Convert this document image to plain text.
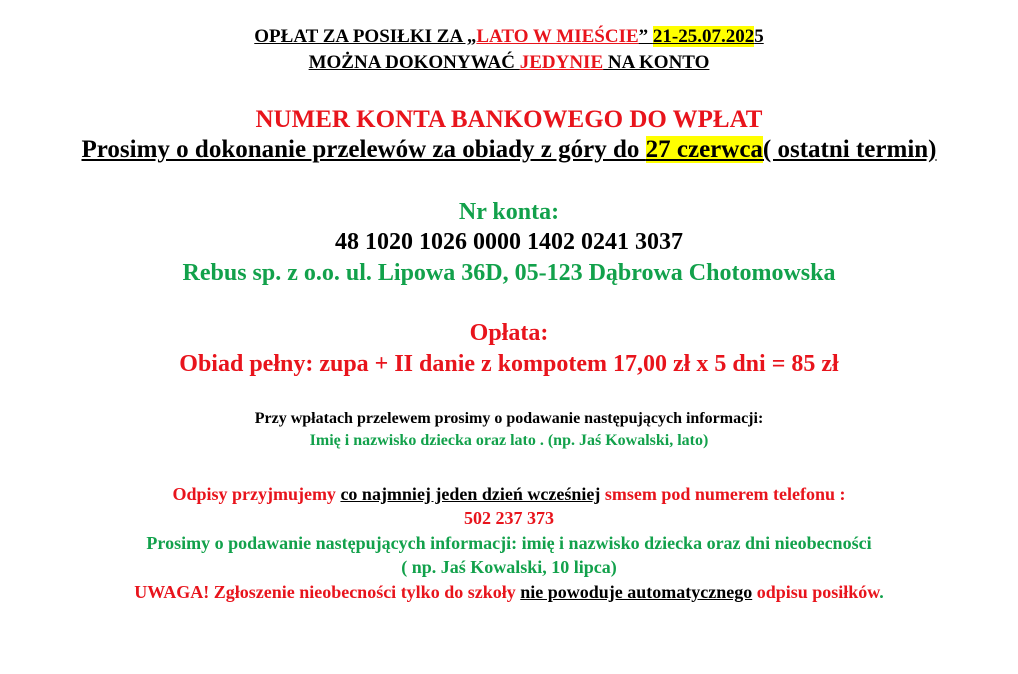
OPŁAT ZA POSIŁKI ZA „LATO W MIEŚCIE” 21-25.07.2025
MOŻNA DOKONYWAĆ JEDYNIE NA KONTO
NUMER KONTA BANKOWEGO DO WPŁAT
Prosimy o dokonanie przelewów za obiady z góry do 27 czerwca( ostatni termin)
Nr konta:
48 1020 1026 0000 1402 0241 3037
Rebus sp. z o.o. ul. Lipowa 36D, 05-123 Dąbrowa Chotomowska
Opłata:
Obiad pełny: zupa + II danie z kompotem 17,00 zł x 5 dni = 85 zł
Przy wpłatach przelewem prosimy o podawanie następujących informacji:
Imię i nazwisko dziecka oraz lato . (np. Jaś Kowalski, lato)
Odpisy przyjmujemy co najmniej jeden dzień wcześniej smsem pod numerem telefonu :
502 237 373
Prosimy o podawanie następujących informacji: imię i nazwisko dziecka oraz dni nieobecności
( np. Jaś Kowalski, 10 lipca)
UWAGA! Zgłoszenie nieobecności tylko do szkoły nie powoduje automatycznego odpisu posiłków.
